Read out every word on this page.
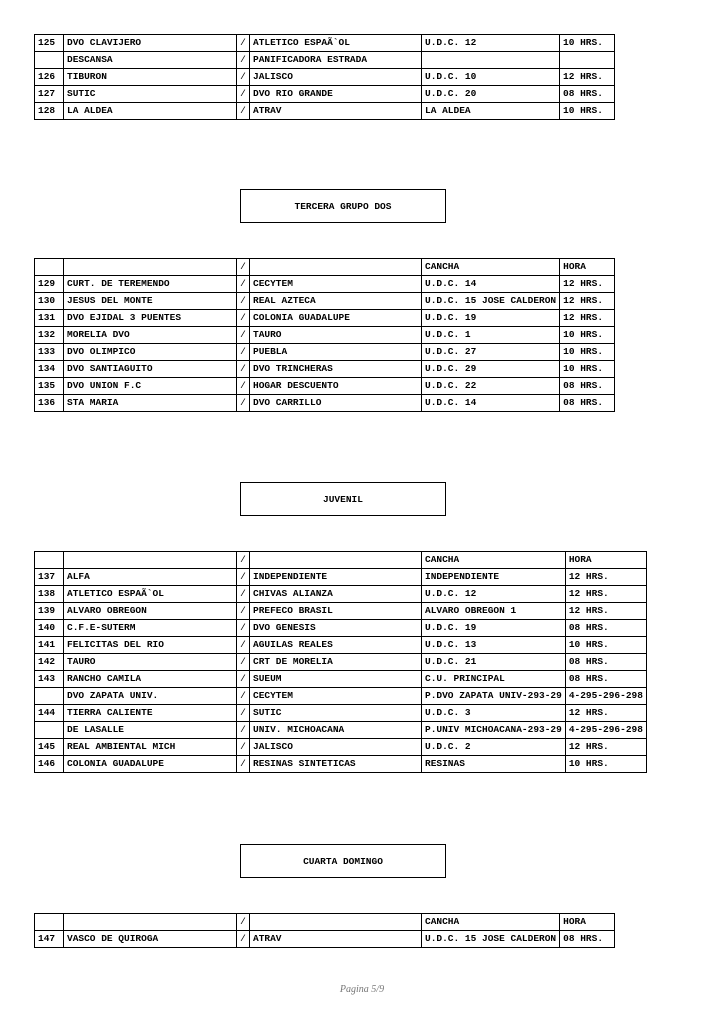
125	DVO CLAVIJERO	/	ATLETICO ESPAÃ`OL	U.D.C. 12	10 HRS.
	DESCANSA	/	PANIFICADORA ESTRADA		
126	TIBURON	/	JALISCO	U.D.C. 10	12 HRS.
127	SUTIC	/	DVO RIO GRANDE	U.D.C. 20	08 HRS.
128	LA ALDEA	/	ATRAV	LA ALDEA	10 HRS.
TERCERA GRUPO DOS
		/		CANCHA	HORA
129	CURT. DE TEREMENDO	/	CECYTEM	U.D.C. 14	12 HRS.
130	JESUS DEL MONTE	/	REAL AZTECA	U.D.C. 15 JOSE CALDERON	12 HRS.
131	DVO EJIDAL 3 PUENTES	/	COLONIA GUADALUPE	U.D.C. 19	12 HRS.
132	MORELIA DVO	/	TAURO	U.D.C. 1	10 HRS.
133	DVO OLIMPICO	/	PUEBLA	U.D.C. 27	10 HRS.
134	DVO SANTIAGUITO	/	DVO TRINCHERAS	U.D.C. 29	10 HRS.
135	DVO UNION F.C	/	HOGAR DESCUENTO	U.D.C. 22	08 HRS.
136	STA MARIA	/	DVO CARRILLO	U.D.C. 14	08 HRS.
JUVENIL
		/		CANCHA	HORA
137	ALFA	/	INDEPENDIENTE	INDEPENDIENTE	12 HRS.
138	ATLETICO ESPAÃ`OL	/	CHIVAS ALIANZA	U.D.C. 12	12 HRS.
139	ALVARO OBREGON	/	PREFECO BRASIL	ALVARO OBREGON 1	12 HRS.
140	C.F.E-SUTERM	/	DVO GENESIS	U.D.C. 19	08 HRS.
141	FELICITAS DEL RIO	/	AGUILAS REALES	U.D.C. 13	10 HRS.
142	TAURO	/	CRT DE MORELIA	U.D.C. 21	08 HRS.
143	RANCHO CAMILA	/	SUEUM	C.U. PRINCIPAL	08 HRS.
	DVO ZAPATA UNIV.	/	CECYTEM	P.DVO ZAPATA UNIV-293-29	4-295-296-298
144	TIERRA CALIENTE	/	SUTIC	U.D.C. 3	12 HRS.
	DE LASALLE	/	UNIV. MICHOACANA	P.UNIV MICHOACANA-293-29	4-295-296-298
145	REAL AMBIENTAL MICH	/	JALISCO	U.D.C. 2	12 HRS.
146	COLONIA GUADALUPE	/	RESINAS SINTETICAS	RESINAS	10 HRS.
CUARTA DOMINGO
		/		CANCHA	HORA
147	VASCO DE QUIROGA	/	ATRAV	U.D.C. 15 JOSE CALDERON	08 HRS.
Pagina 5/9
